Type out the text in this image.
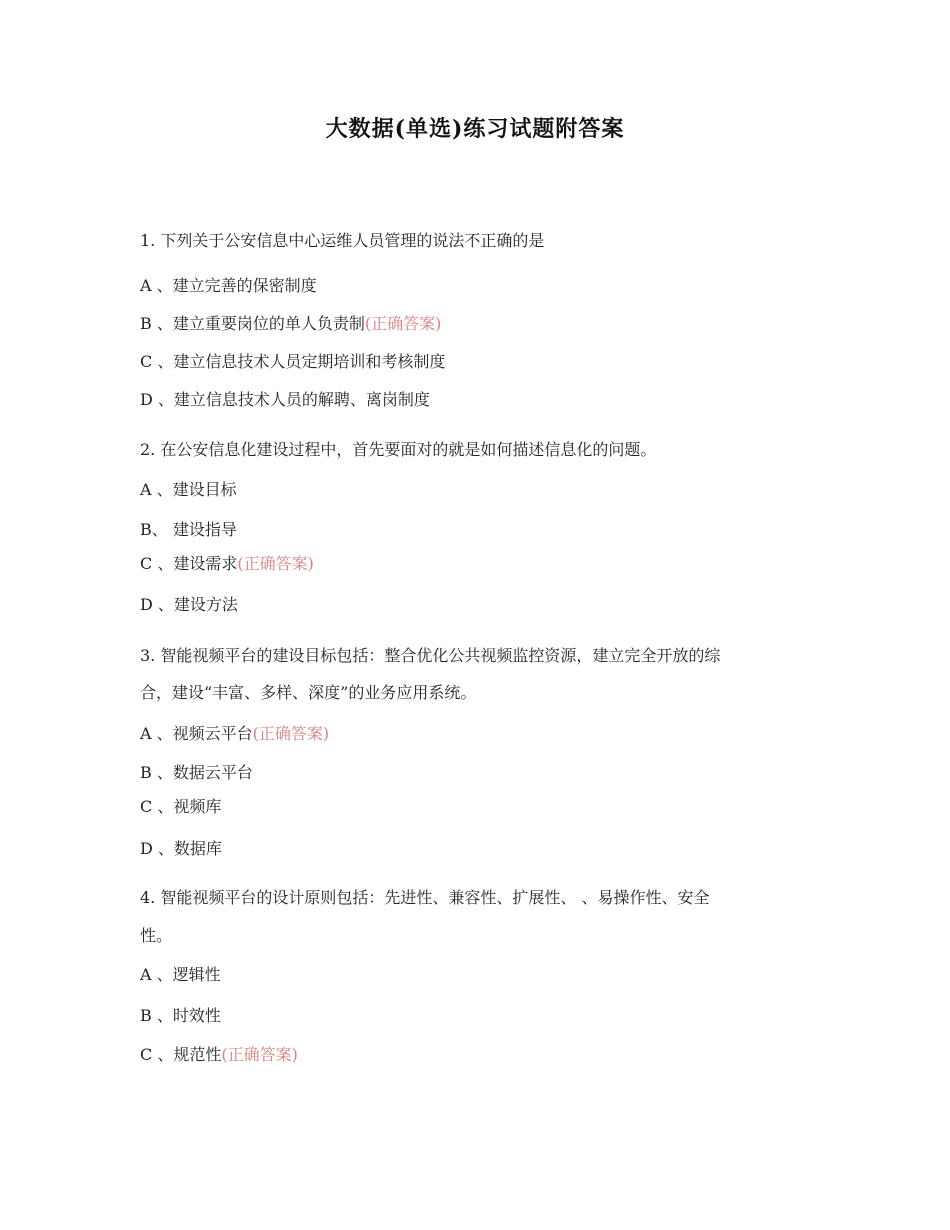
大数据(单选)练习试题附答案

1. 下列关于公安信息中心运维人员管理的说法不正确的是

A 、建立完善的保密制度

B 、建立重要岗位的单人负责制(正确答案)

C 、建立信息技术人员定期培训和考核制度

D 、建立信息技术人员的解聘、离岗制度

2. 在公安信息化建设过程中，首先要面对的就是如何描述信息化的问题。

A 、建设目标

B、 建设指导

C 、建设需求(正确答案)

D 、建设方法

3. 智能视频平台的建设目标包括：整合优化公共视频监控资源，建立完全开放的综

合，建设“丰富、多样、深度”的业务应用系统。

A 、视频云平台(正确答案)

B 、数据云平台

C 、视频库

D 、数据库

4. 智能视频平台的设计原则包括：先进性、兼容性、扩展性、 、易操作性、安全

性。

A 、逻辑性

B 、时效性

C 、规范性(正确答案)
